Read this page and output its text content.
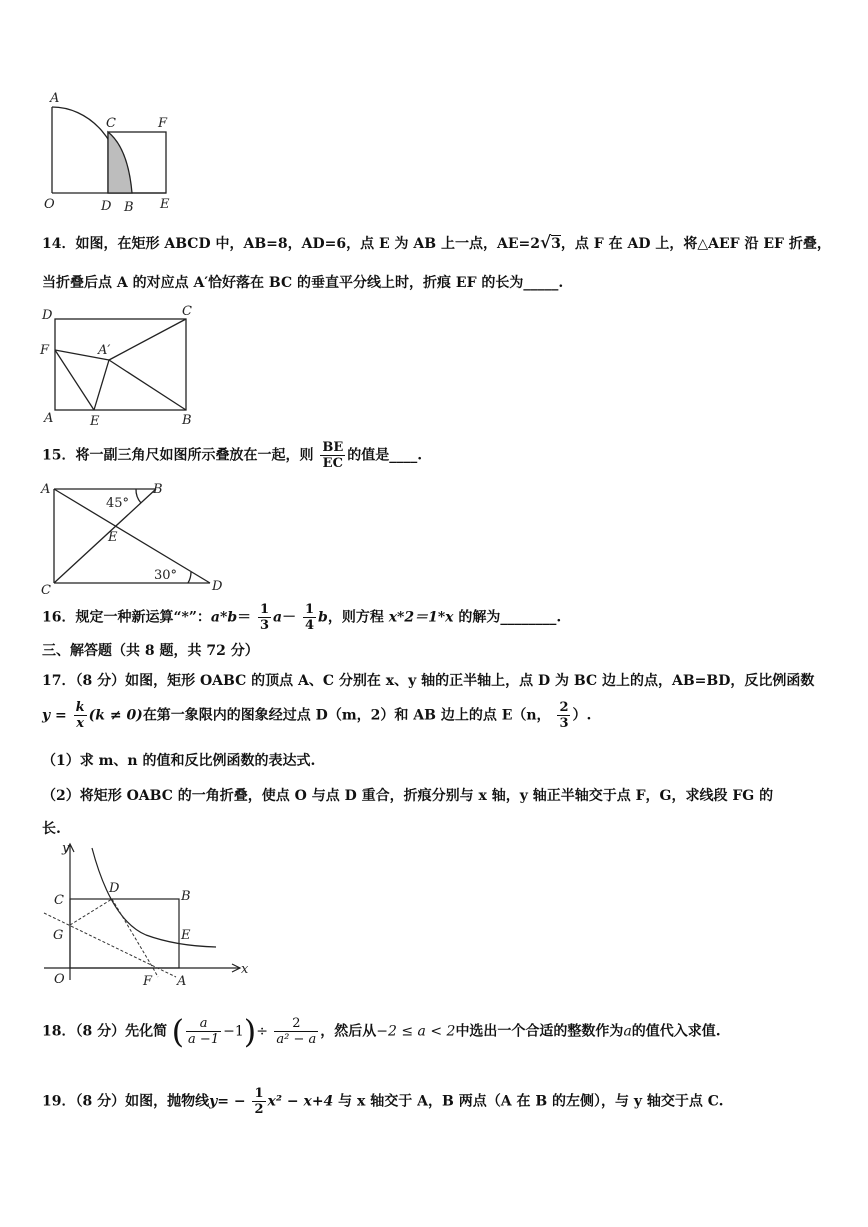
A
C	F
O	D B E
14．如图，在矩形 ABCD 中，AB=8，AD=6，点 E 为 AB 上一点，AE=2√3，点 F 在 AD 上，将△AEF 沿 EF 折叠，
当折叠后点 A 的对应点 A′恰好落在 BC 的垂直平分线上时，折痕 EF 的长为_____.
D	C
F	A′
A	E	B
15．将一副三角尺如图所示叠放在一起，则 $\frac{BE}{EC}$ 的值是____.
A	B
E
C	D
45°
30°
16．规定一种新运算“*”：$a*b= \frac{1}{3} a- \frac{1}{4}$ b，则方程 x*2＝1*x 的解为________.
三、解答题（共 8 题，共 72 分）
17．（8 分）如图，矩形 OABC 的顶点 A、C 分别在 x、y 轴的正半轴上，点 D 为 BC 边上的点，AB=BD，反比例函数
$y = \frac{k}{x} (k \ne 0)$在第一象限内的图象经过点 D（m，2）和 AB 边上的点 E（n， $\frac{2}{3}$ ）.
（1）求 m、n 的值和反比例函数的表达式.
（2）将矩形 OABC 的一角折叠，使点 O 与点 D 重合，折痕分别与 x 轴，y 轴正半轴交于点 F，G，求线段 FG 的
长.
y
x
C
D
B
G	E
O	F A
18．（8 分）先化简 ( $\frac{a}{a -1} -1)\div \frac{2}{\text{a² − a}}$ ，然后从−2 ≤ a < 2中选出一个合适的整数作为a的值代入求值.
19．（8 分）如图，抛物线$y= - \frac{1}{2} x^2 - x+4$ 与 x 轴交于 A，B 两点（A 在 B 的左侧），与 y 轴交于点 C.
